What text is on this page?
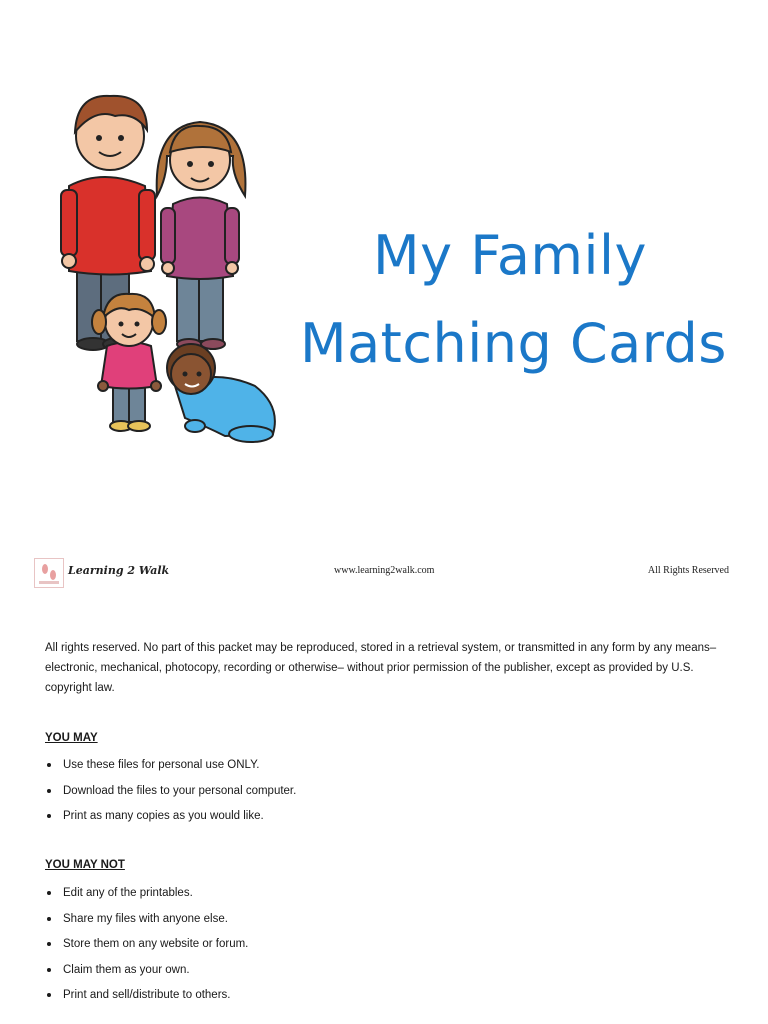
My Family
Matching Cards
Learning 2 Walk	www.learning2walk.com	All Rights Reserved
All rights reserved. No part of this packet may be reproduced, stored in a retrieval system, or transmitted in any form by any means– electronic, mechanical, photocopy, recording or otherwise– without prior permission of the publisher, except as provided by U.S. copyright law.
YOU MAY
Use these files for personal use ONLY.
Download the files to your personal computer.
Print as many copies as you would like.
YOU MAY NOT
Edit any of the printables.
Share my files with anyone else.
Store them on any website or forum.
Claim them as your own.
Print and sell/distribute to others.
